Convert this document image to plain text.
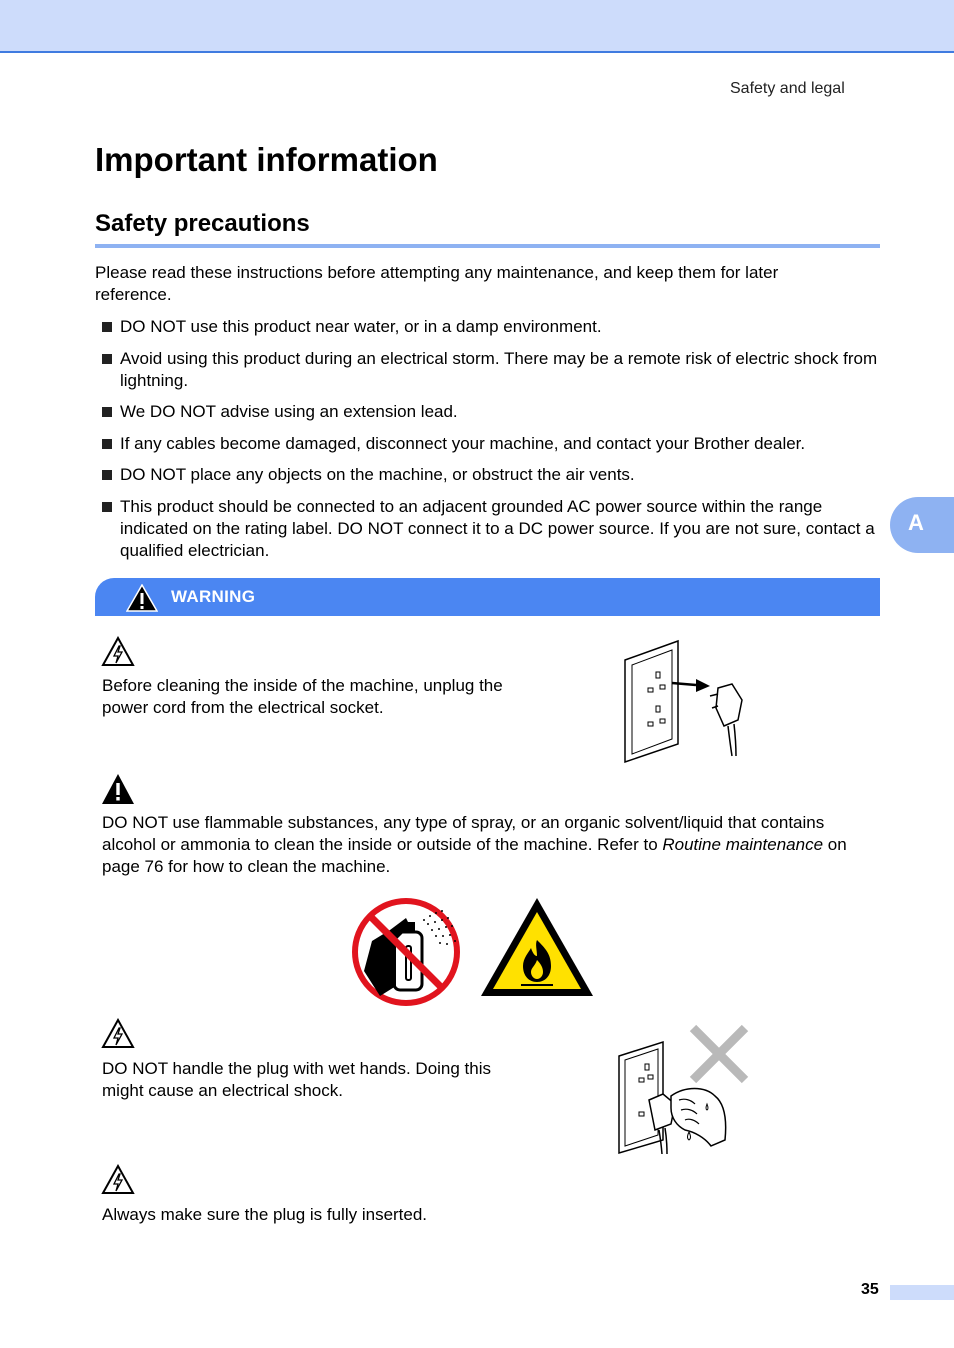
Safety and legal
Important information
Safety precautions

Please read these instructions before attempting any maintenance, and keep them for later reference.

DO NOT use this product near water, or in a damp environment.
Avoid using this product during an electrical storm. There may be a remote risk of electric shock from lightning.
We DO NOT advise using an extension lead.
If any cables become damaged, disconnect your machine, and contact your Brother dealer.
DO NOT place any objects on the machine, or obstruct the air vents.
This product should be connected to an adjacent grounded AC power source within the range indicated on the rating label. DO NOT connect it to a DC power source. If you are not sure, contact a qualified electrician.
A
WARNING

Before cleaning the inside of the machine, unplug the power cord from the electrical socket.

DO NOT use flammable substances, any type of spray, or an organic solvent/liquid that contains alcohol or ammonia to clean the inside or outside of the machine. Refer to Routine maintenance on page 76 for how to clean the machine.

DO NOT handle the plug with wet hands. Doing this might cause an electrical shock.

Always make sure the plug is fully inserted.

35
